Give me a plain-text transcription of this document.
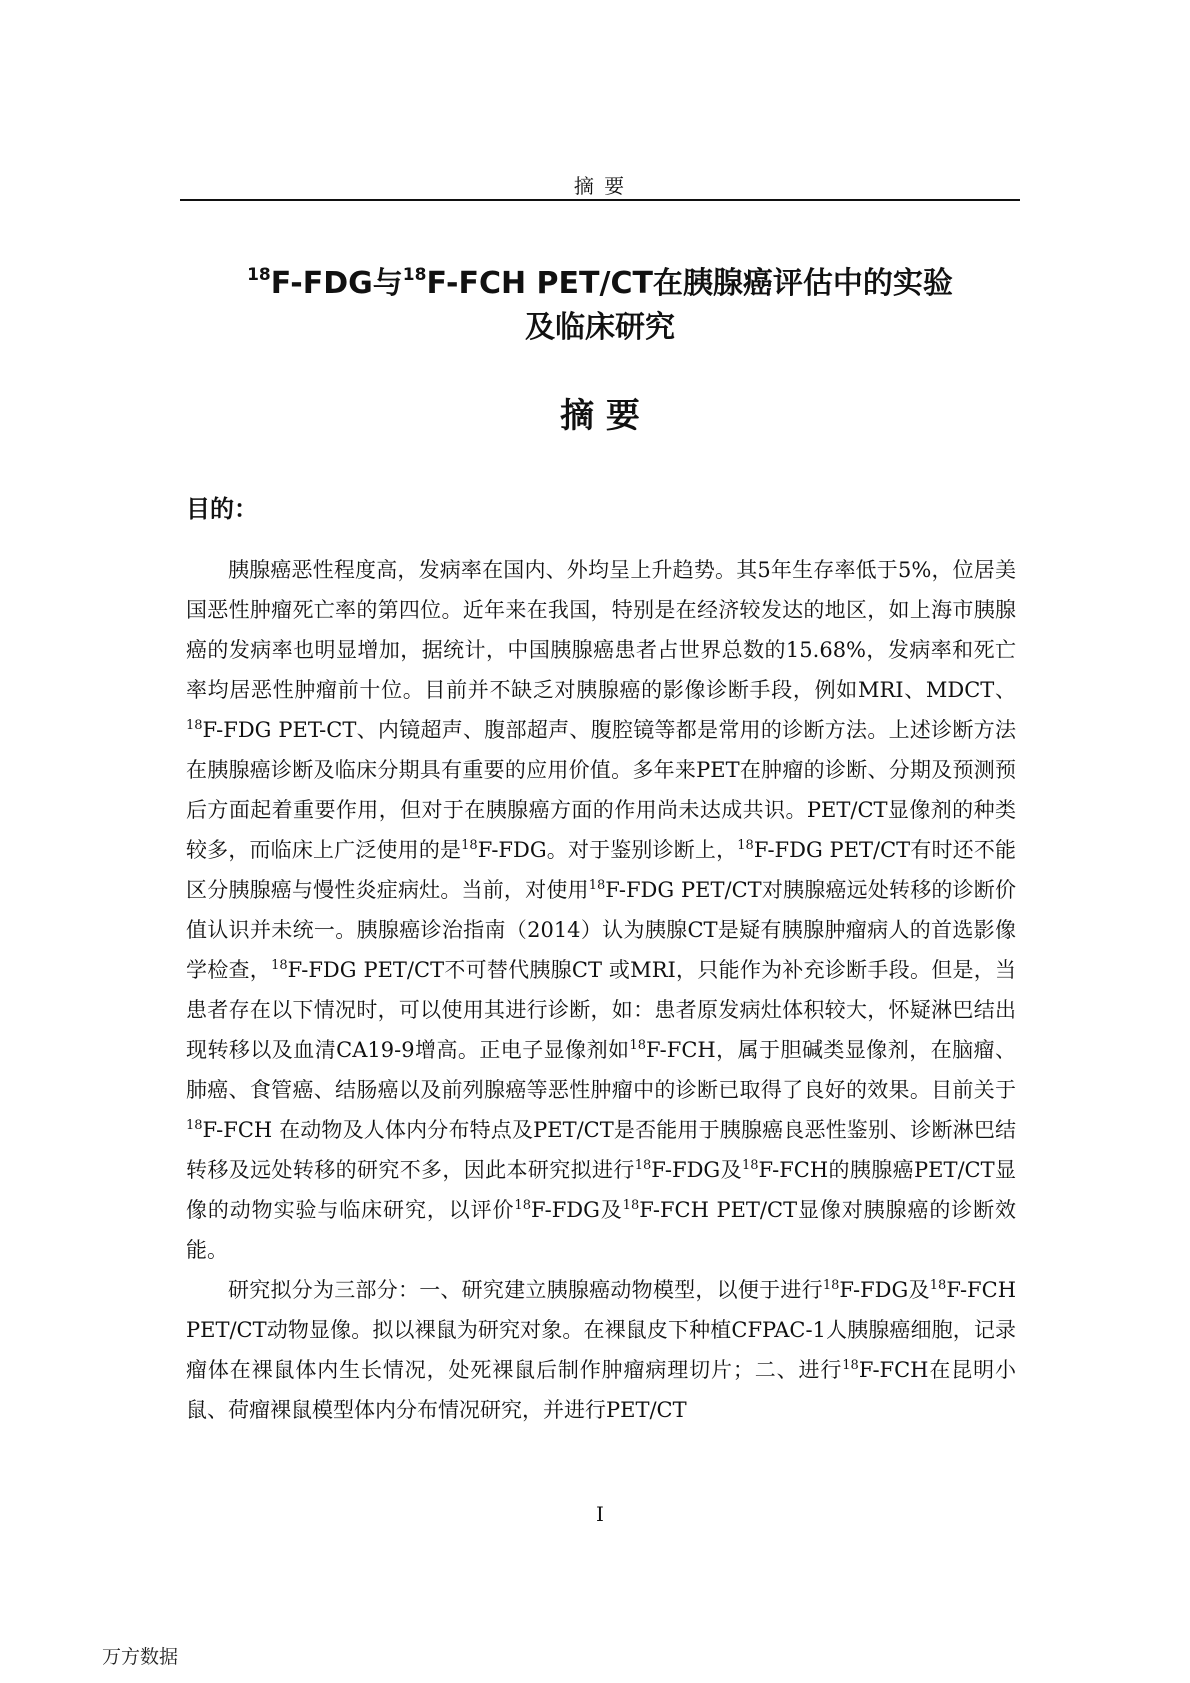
摘 要
$^{18}$F-FDG与$^{18}$F-FCH PET/CT在胰腺癌评估中的实验
及临床研究
摘 要
目的：

胰腺癌恶性程度高，发病率在国内、外均呈上升趋势。其5年生存率低于5%，位居美国恶性肿瘤死亡率的第四位。近年来在我国，特别是在经济较发达的地区，如上海市胰腺癌的发病率也明显增加，据统计，中国胰腺癌患者占世界总数的15.68%，发病率和死亡率均居恶性肿瘤前十位。目前并不缺乏对胰腺癌的影像诊断手段，例如MRI、MDCT、$^{18}$F-FDG PET-CT、内镜超声、腹部超声、腹腔镜等都是常用的诊断方法。上述诊断方法在胰腺癌诊断及临床分期具有重要的应用价值。多年来PET在肿瘤的诊断、分期及预测预后方面起着重要作用，但对于在胰腺癌方面的作用尚未达成共识。PET/CT显像剂的种类较多，而临床上广泛使用的是$^{18}$F-FDG。对于鉴别诊断上，$^{18}$F-FDG PET/CT有时还不能区分胰腺癌与慢性炎症病灶。当前，对使用$^{18}$F-FDG PET/CT对胰腺癌远处转移的诊断价值认识并未统一。胰腺癌诊治指南（2014）认为胰腺CT是疑有胰腺肿瘤病人的首选影像学检查，$^{18}$F-FDG PET/CT不可替代胰腺CT 或MRI，只能作为补充诊断手段。但是，当患者存在以下情况时，可以使用其进行诊断，如：患者原发病灶体积较大，怀疑淋巴结出现转移以及血清CA19-9增高。正电子显像剂如$^{18}$F-FCH，属于胆碱类显像剂，在脑瘤、肺癌、食管癌、结肠癌以及前列腺癌等恶性肿瘤中的诊断已取得了良好的效果。目前关于$^{18}$F-FCH 在动物及人体内分布特点及PET/CT是否能用于胰腺癌良恶性鉴别、诊断淋巴结转移及远处转移的研究不多，因此本研究拟进行$^{18}$F-FDG及$^{18}$F-FCH的胰腺癌PET/CT显像的动物实验与临床研究，以评价$^{18}$F-FDG及$^{18}$F-FCH PET/CT显像对胰腺癌的诊断效能。

研究拟分为三部分：一、研究建立胰腺癌动物模型，以便于进行$^{18}$F-FDG及$^{18}$F-FCH PET/CT动物显像。拟以裸鼠为研究对象。在裸鼠皮下种植CFPAC-1人胰腺癌细胞，记录瘤体在裸鼠体内生长情况，处死裸鼠后制作肿瘤病理切片；二、进行$^{18}$F-FCH在昆明小鼠、荷瘤裸鼠模型体内分布情况研究，并进行PET/CT

I
万方数据
